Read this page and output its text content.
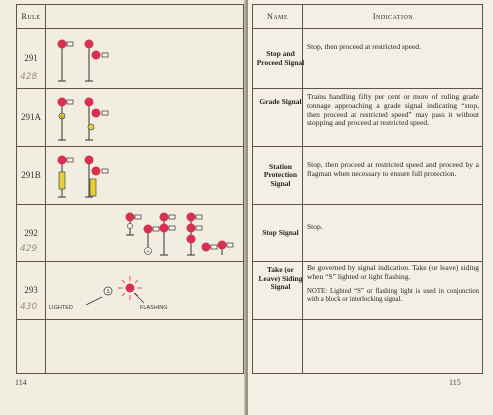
Rule
291
291A
291B
292
293
428
429
430
G
A
S
LIGHTED	FLASHING
114
Name	Indication
Stop and Proceed Signal
Grade Signal
Station Protection Signal
Stop Signal
Take (or Leave) Siding Signal

Stop, then proceed at restricted speed.

Trains handling fifty per cent or more of ruling grade tonnage approaching a grade signal indicating “stop, then proceed at restricted speed” may pass it without stopping and proceed at restricted speed.

Stop, then proceed at restricted speed and proceed by a flagman when necessary to ensure full protection.

Stop.

Be governed by signal indication. Take (or leave) siding when “S” lighted or light flashing.

NOTE: Lighted “S” or flashing light is used in conjunction with a block or interlocking signal.

115
